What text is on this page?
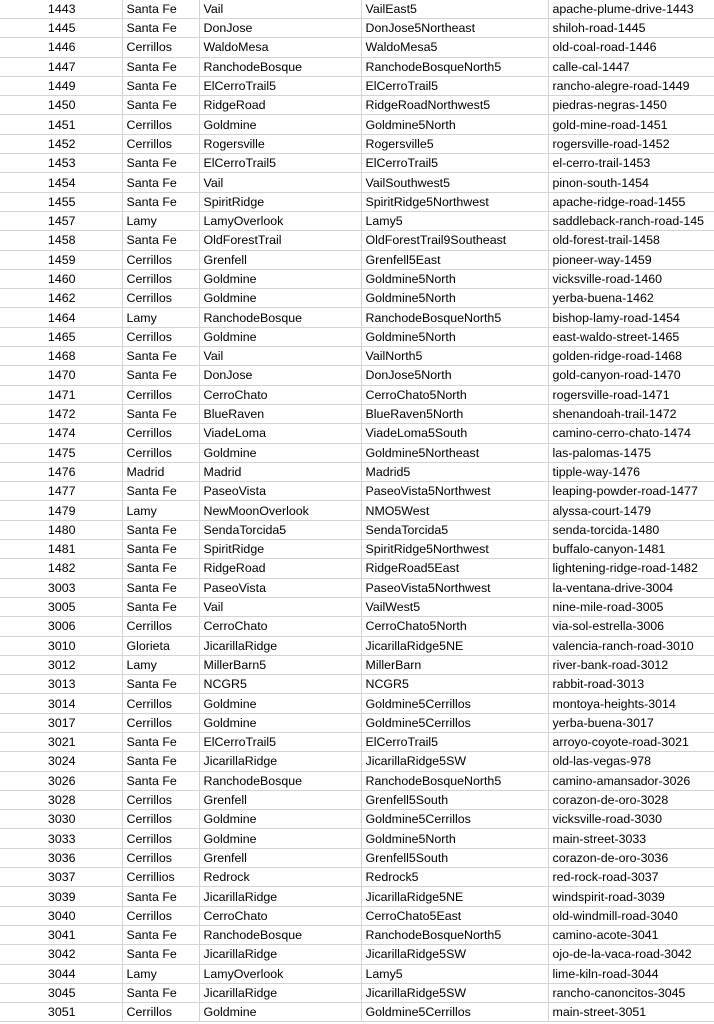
1443	Santa Fe	Vail	VailEast5	apache-plume-drive-1443
1445	Santa Fe	DonJose	DonJose5Northeast	shiloh-road-1445
1446	Cerrillos	WaldoMesa	WaldoMesa5	old-coal-road-1446
1447	Santa Fe	RanchodeBosque	RanchodeBosqueNorth5	calle-cal-1447
1449	Santa Fe	ElCerroTrail5	ElCerroTrail5	rancho-alegre-road-1449
1450	Santa Fe	RidgeRoad	RidgeRoadNorthwest5	piedras-negras-1450
1451	Cerrillos	Goldmine	Goldmine5North	gold-mine-road-1451
1452	Cerrillos	Rogersville	Rogersville5	rogersville-road-1452
1453	Santa Fe	ElCerroTrail5	ElCerroTrail5	el-cerro-trail-1453
1454	Santa Fe	Vail	VailSouthwest5	pinon-south-1454
1455	Santa Fe	SpiritRidge	SpiritRidge5Northwest	apache-ridge-road-1455
1457	Lamy	LamyOverlook	Lamy5	saddleback-ranch-road-145
1458	Santa Fe	OldForestTrail	OldForestTrail9Southeast	old-forest-trail-1458
1459	Cerrillos	Grenfell	Grenfell5East	pioneer-way-1459
1460	Cerrillos	Goldmine	Goldmine5North	vicksville-road-1460
1462	Cerrillos	Goldmine	Goldmine5North	yerba-buena-1462
1464	Lamy	RanchodeBosque	RanchodeBosqueNorth5	bishop-lamy-road-1454
1465	Cerrillos	Goldmine	Goldmine5North	east-waldo-street-1465
1468	Santa Fe	Vail	VailNorth5	golden-ridge-road-1468
1470	Santa Fe	DonJose	DonJose5North	gold-canyon-road-1470
1471	Cerrillos	CerroChato	CerroChato5North	rogersville-road-1471
1472	Santa Fe	BlueRaven	BlueRaven5North	shenandoah-trail-1472
1474	Cerrillos	ViadeLoma	ViadeLoma5South	camino-cerro-chato-1474
1475	Cerrillos	Goldmine	Goldmine5Northeast	las-palomas-1475
1476	Madrid	Madrid	Madrid5	tipple-way-1476
1477	Santa Fe	PaseoVista	PaseoVista5Northwest	leaping-powder-road-1477
1479	Lamy	NewMoonOverlook	NMO5West	alyssa-court-1479
1480	Santa Fe	SendaTorcida5	SendaTorcida5	senda-torcida-1480
1481	Santa Fe	SpiritRidge	SpiritRidge5Northwest	buffalo-canyon-1481
1482	Santa Fe	RidgeRoad	RidgeRoad5East	lightening-ridge-road-1482
3003	Santa Fe	PaseoVista	PaseoVista5Northwest	la-ventana-drive-3004
3005	Santa Fe	Vail	VailWest5	nine-mile-road-3005
3006	Cerrillos	CerroChato	CerroChato5North	via-sol-estrella-3006
3010	Glorieta	JicarillaRidge	JicarillaRidge5NE	valencia-ranch-road-3010
3012	Lamy	MillerBarn5	MillerBarn	river-bank-road-3012
3013	Santa Fe	NCGR5	NCGR5	rabbit-road-3013
3014	Cerrillos	Goldmine	Goldmine5Cerrillos	montoya-heights-3014
3017	Cerrillos	Goldmine	Goldmine5Cerrillos	yerba-buena-3017
3021	Santa Fe	ElCerroTrail5	ElCerroTrail5	arroyo-coyote-road-3021
3024	Santa Fe	JicarillaRidge	JicarillaRidge5SW	old-las-vegas-978
3026	Santa Fe	RanchodeBosque	RanchodeBosqueNorth5	camino-amansador-3026
3028	Cerrillos	Grenfell	Grenfell5South	corazon-de-oro-3028
3030	Cerrillos	Goldmine	Goldmine5Cerrillos	vicksville-road-3030
3033	Cerrillos	Goldmine	Goldmine5North	main-street-3033
3036	Cerrillos	Grenfell	Grenfell5South	corazon-de-oro-3036
3037	Cerrillios	Redrock	Redrock5	red-rock-road-3037
3039	Santa Fe	JicarillaRidge	JicarillaRidge5NE	windspirit-road-3039
3040	Cerrillos	CerroChato	CerroChato5East	old-windmill-road-3040
3041	Santa Fe	RanchodeBosque	RanchodeBosqueNorth5	camino-acote-3041
3042	Santa Fe	JicarillaRidge	JicarillaRidge5SW	ojo-de-la-vaca-road-3042
3044	Lamy	LamyOverlook	Lamy5	lime-kiln-road-3044
3045	Santa Fe	JicarillaRidge	JicarillaRidge5SW	rancho-canoncitos-3045
3051	Cerrillos	Goldmine	Goldmine5Cerrillos	main-street-3051
